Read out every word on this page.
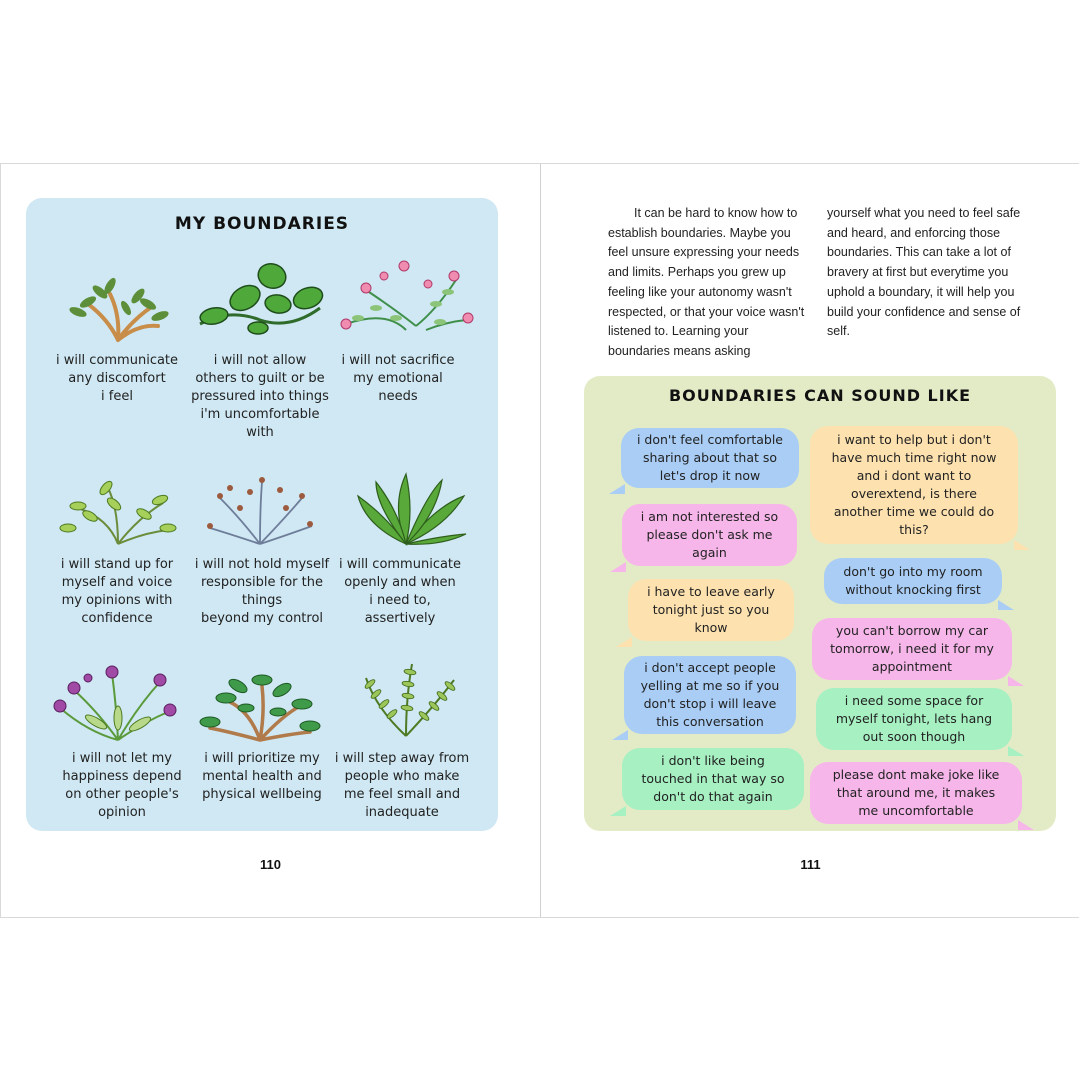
MY BOUNDARIES
i will communicate
any discomfort
i feel
i will not allow
others to guilt or be
pressured into things
i'm uncomfortable
with
i will not sacrifice
my emotional
needs
i will stand up for
myself and voice
my opinions with
confidence
i will not hold myself
responsible for the
things
beyond my control
i will communicate
openly and when
i need to,
assertively
i will not let my
happiness depend
on other people's
opinion
i will prioritize my
mental health and
physical wellbeing
i will step away from
people who make
me feel small and
inadequate
110
It can be hard to know how to establish boundaries. Maybe you feel unsure expressing your needs and limits. Perhaps you grew up feeling like your autonomy wasn't respected, or that your voice wasn't listened to. Learning your boundaries means asking
yourself what you need to feel safe and heard, and enforcing those boundaries. This can take a lot of bravery at first but everytime you uphold a boundary, it will help you build your confidence and sense of self.
BOUNDARIES CAN SOUND LIKE
i don't feel comfortable
sharing about that so
let's drop it now
i want to help but i don't
have much time right now
and i dont want to
overextend, is there
another time we could do
this?
i am not interested so
please don't ask me
again
don't go into my room
without knocking first
i have to leave early
tonight just so you
know	you can't borrow my car
tomorrow, i need it for my
appointment
i don't accept people
yelling at me so if you
don't stop i will leave
this conversation
i need some space for
myself tonight, lets hang
out soon though
i don't like being
touched in that way so
don't do that again
please dont make joke like
that around me, it makes
me uncomfortable
111
